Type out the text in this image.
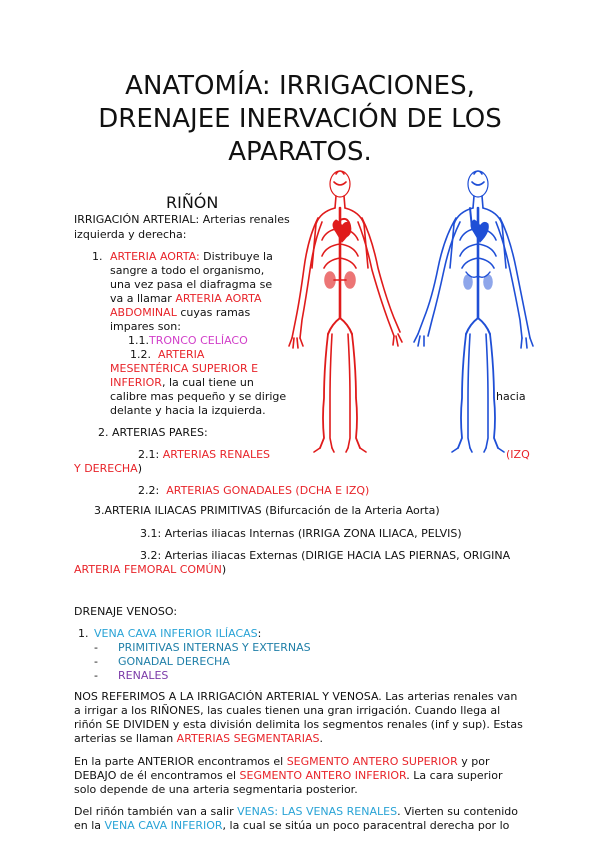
ANATOMÍA: IRRIGACIONES,
DRENAJEE INERVACIÓN DE LOS
APARATOS.
RIÑÓN
IRRIGACIÓN ARTERIAL: Arterias renales
izquierda y derecha:
1. ARTERIA AORTA: Distribuye la
sangre a todo el organismo,
una vez pasa el diafragma se
va a llamar ARTERIA AORTA
ABDOMINAL cuyas ramas
impares son:
1.1.TRONCO CELÍACO
1.2. ARTERIA
MESENTÉRICA SUPERIOR E
INFERIOR, la cual tiene un
calibre mas pequeño y se dirige	hacia
delante y hacia la izquierda.
2. ARTERIAS PARES:
2.1: ARTERIAS RENALES	(IZQ
Y DERECHA)
2.2: ARTERIAS GONADALES (DCHA E IZQ)
3.ARTERIA ILIACAS PRIMITIVAS (Bifurcación de la Arteria Aorta)
3.1: Arterias iliacas Internas (IRRIGA ZONA ILIACA, PELVIS)
3.2: Arterias iliacas Externas (DIRIGE HACIA LAS PIERNAS, ORIGINA
ARTERIA FEMORAL COMÚN)
DRENAJE VENOSO:
1. VENA CAVA INFERIOR ILÍACAS:
- PRIMITIVAS INTERNAS Y EXTERNAS
- GONADAL DERECHA
- RENALES
NOS REFERIMOS A LA IRRIGACIÓN ARTERIAL Y VENOSA. Las arterias renales van
a irrigar a los RIÑONES, las cuales tienen una gran irrigación. Cuando llega al
riñón SE DIVIDEN y esta división delimita los segmentos renales (inf y sup). Estas
arterias se llaman ARTERIAS SEGMENTARIAS.
En la parte ANTERIOR encontramos el SEGMENTO ANTERO SUPERIOR y por
DEBAJO de él encontramos el SEGMENTO ANTERO INFERIOR. La cara superior
solo depende de una arteria segmentaria posterior.
Del riñón también van a salir VENAS: LAS VENAS RENALES. Vierten su contenido
en la VENA CAVA INFERIOR, la cual se sitúa un poco paracentral derecha por lo
